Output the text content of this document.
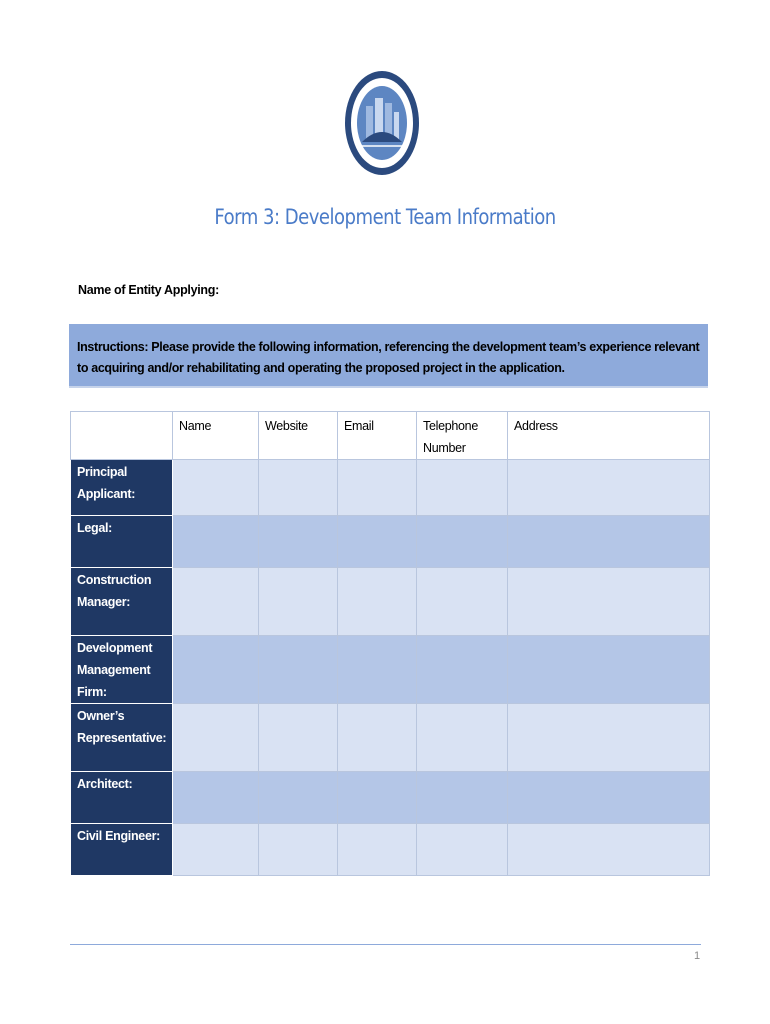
Form 3: Development Team Information
Name of Entity Applying:
Instructions: Please provide the following information, referencing the development team’s experience relevant to acquiring and/or rehabilitating and operating the proposed project in the application.
	Name	Website	Email	Telephone Number	Address
Principal Applicant:					
Legal:					
Construction Manager:					
Development Management Firm:					
Owner’s Representative:					
Architect:					
Civil Engineer:					
1
